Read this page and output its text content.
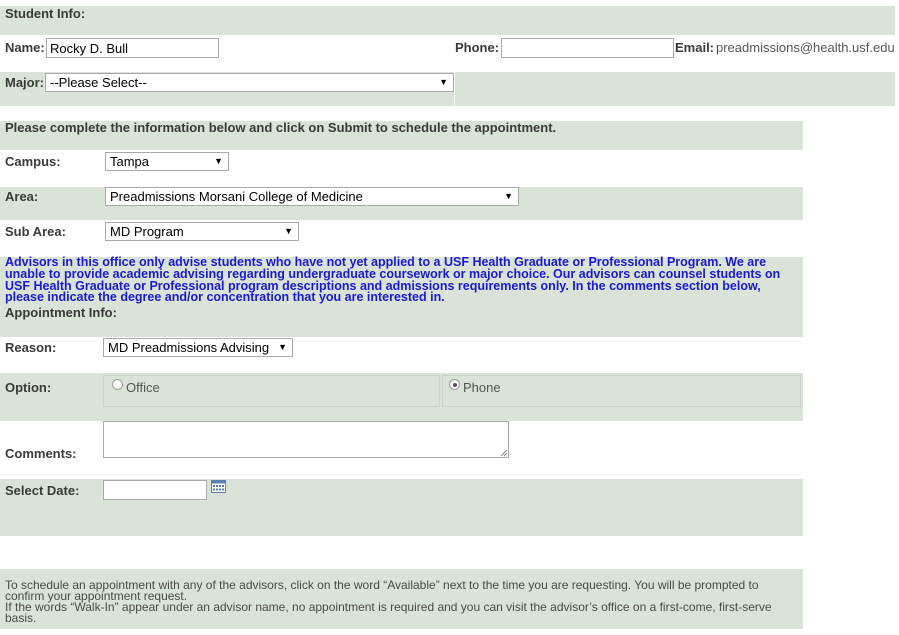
Student Info:
Name:
Rocky D. Bull	Phone:	Email: preadmissions@health.usf.edu
Major: --Please Select--	▼
Please complete the information below and click on Submit to schedule the appointment.
Campus:	Tampa	▼
Area:	Preadmissions Morsani College of Medicine	▼
Sub Area:	MD Program	▼
Advisors in this office only advise students who have not yet applied to a USF Health Graduate or Professional Program. We are unable to provide academic advising regarding undergraduate coursework or major choice. Our advisors can counsel students on USF Health Graduate or Professional program descriptions and admissions requirements only. In the comments section below, please indicate the degree and/or concentration that you are interested in.
Appointment Info:
Reason:	MD Preadmissions Advising ▼
Option:	Office	Phone
Comments:
Select Date:
To schedule an appointment with any of the advisors, click on the word “Available” next to the time you are requesting. You will be prompted to confirm your appointment request.
If the words “Walk-In” appear under an advisor name, no appointment is required and you can visit the advisor’s office on a first-come, first-serve basis.
